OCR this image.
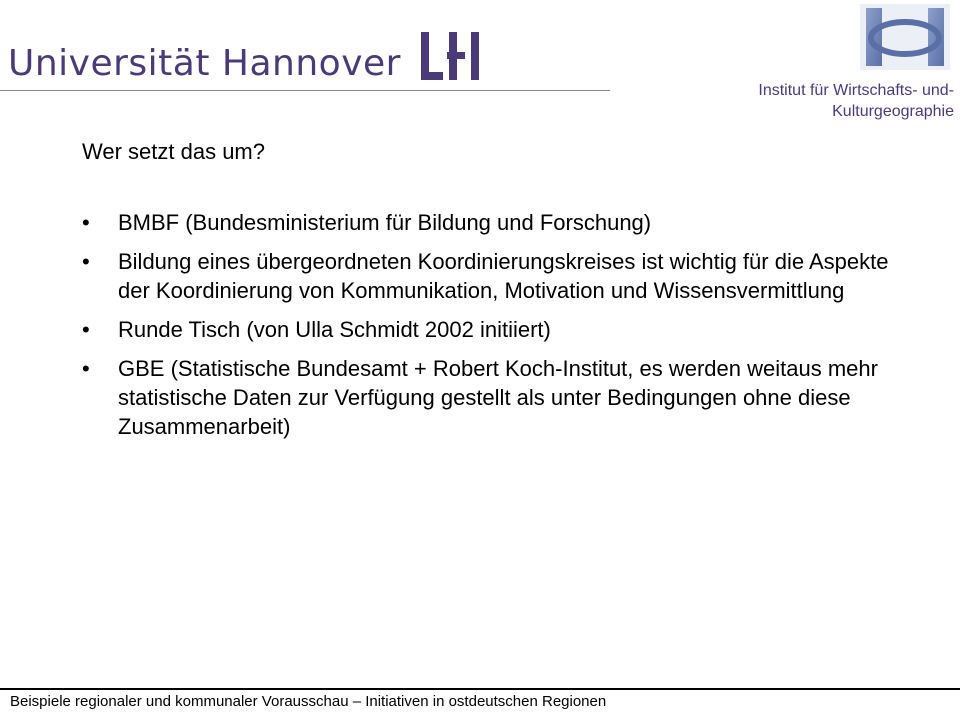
Universität Hannover
Institut für Wirtschafts- und-
Kulturgeographie
Wer setzt das um?
• BMBF (Bundesministerium für Bildung und Forschung)
• Bildung eines übergeordneten Koordinierungskreises ist wichtig für die Aspekte der Koordinierung von Kommunikation, Motivation und Wissensvermittlung
• Runde Tisch (von Ulla Schmidt 2002 initiiert)
• GBE (Statistische Bundesamt + Robert Koch-Institut, es werden weitaus mehr statistische Daten zur Verfügung gestellt als unter Bedingungen ohne diese Zusammenarbeit)
Beispiele regionaler und kommunaler Vorausschau – Initiativen in ostdeutschen Regionen
